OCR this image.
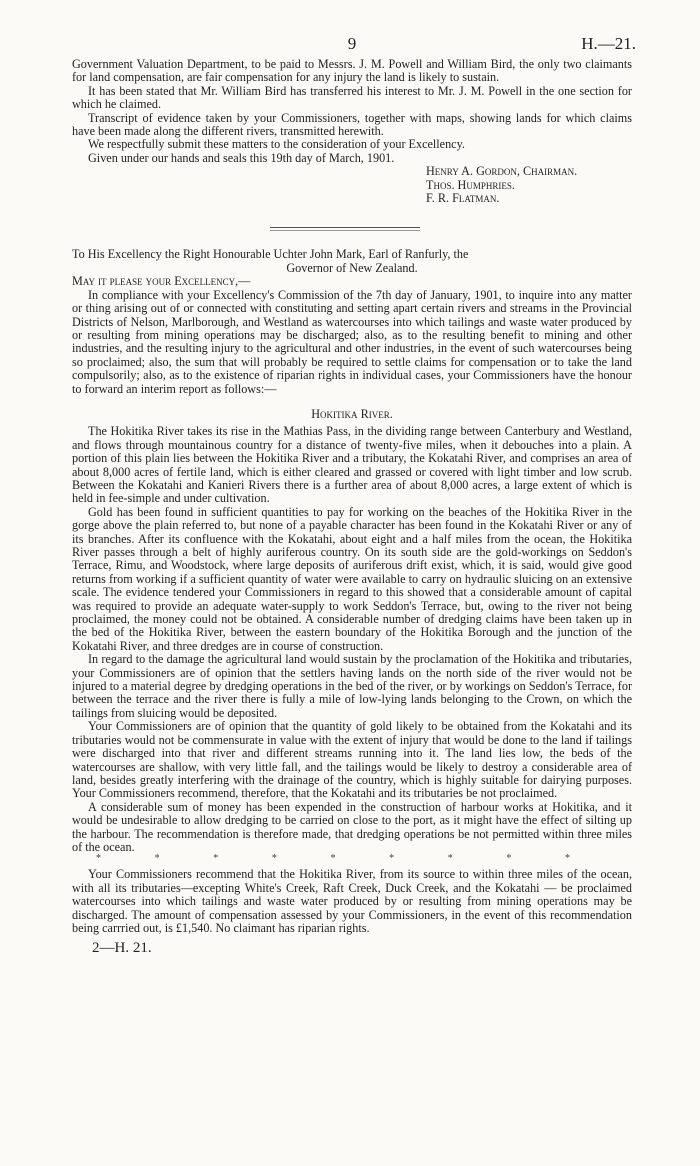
9	H.—21.

Government Valuation Department, to be paid to Messrs. J. M. Powell and William Bird, the only two claimants for land compensation, are fair compensation for any injury the land is likely to sustain.

It has been stated that Mr. William Bird has transferred his interest to Mr. J. M. Powell in the one section for which he claimed.

Transcript of evidence taken by your Commissioners, together with maps, showing lands for which claims have been made along the different rivers, transmitted herewith.

We respectfully submit these matters to the consideration of your Excellency.

Given under our hands and seals this 19th day of March, 1901.

Henry A. Gordon, Chairman.

Thos. Humphries.

F. R. Flatman.

To His Excellency the Right Honourable Uchter John Mark, Earl of Ranfurly, the
Governor of New Zealand.

May it please your Excellency,—

In compliance with your Excellency's Commission of the 7th day of January, 1901, to inquire into any matter or thing arising out of or connected with constituting and setting apart certain rivers and streams in the Provincial Districts of Nelson, Marlborough, and Westland as watercourses into which tailings and waste water produced by or resulting from mining operations may be discharged; also, as to the resulting benefit to mining and other industries, and the resulting injury to the agricultural and other industries, in the event of such watercourses being so proclaimed; also, the sum that will probably be required to settle claims for compensation or to take the land compulsorily; also, as to the existence of riparian rights in individual cases, your Commissioners have the honour to forward an interim report as follows:—

Hokitika River.

The Hokitika River takes its rise in the Mathias Pass, in the dividing range between Canterbury and Westland, and flows through mountainous country for a distance of twenty-five miles, when it debouches into a plain. A portion of this plain lies between the Hokitika River and a tributary, the Kokatahi River, and comprises an area of about 8,000 acres of fertile land, which is either cleared and grassed or covered with light timber and low scrub. Between the Kokatahi and Kanieri Rivers there is a further area of about 8,000 acres, a large extent of which is held in fee-simple and under cultivation.

Gold has been found in sufficient quantities to pay for working on the beaches of the Hokitika River in the gorge above the plain referred to, but none of a payable character has been found in the Kokatahi River or any of its branches. After its confluence with the Kokatahi, about eight and a half miles from the ocean, the Hokitika River passes through a belt of highly auriferous country. On its south side are the gold-workings on Seddon's Terrace, Rimu, and Woodstock, where large deposits of auriferous drift exist, which, it is said, would give good returns from working if a sufficient quantity of water were available to carry on hydraulic sluicing on an extensive scale. The evidence tendered your Commissioners in regard to this showed that a considerable amount of capital was required to provide an adequate water-supply to work Seddon's Terrace, but, owing to the river not being proclaimed, the money could not be obtained. A considerable number of dredging claims have been taken up in the bed of the Hokitika River, between the eastern boundary of the Hokitika Borough and the junction of the Kokatahi River, and three dredges are in course of construction.

In regard to the damage the agricultural land would sustain by the proclamation of the Hokitika and tributaries, your Commissioners are of opinion that the settlers having lands on the north side of the river would not be injured to a material degree by dredging operations in the bed of the river, or by workings on Seddon's Terrace, for between the terrace and the river there is fully a mile of low-lying lands belonging to the Crown, on which the tailings from sluicing would be deposited.

Your Commissioners are of opinion that the quantity of gold likely to be obtained from the Kokatahi and its tributaries would not be commensurate in value with the extent of injury that would be done to the land if tailings were discharged into that river and different streams running into it. The land lies low, the beds of the watercourses are shallow, with very little fall, and the tailings would be likely to destroy a considerable area of land, besides greatly interfering with the drainage of the country, which is highly suitable for dairying purposes. Your Commissioners recommend, therefore, that the Kokatahi and its tributaries be not proclaimed.

A considerable sum of money has been expended in the construction of harbour works at Hokitika, and it would be undesirable to allow dredging to be carried on close to the port, as it might have the effect of silting up the harbour. The recommendation is therefore made, that dredging operations be not permitted within three miles of the ocean.

*	*	*	*	*	*	*	*	*

Your Commissioners recommend that the Hokitika River, from its source to within three miles of the ocean, with all its tributaries—excepting White's Creek, Raft Creek, Duck Creek, and the Kokatahi — be proclaimed watercourses into which tailings and waste water produced by or resulting from mining operations may be discharged. The amount of compensation assessed by your Commissioners, in the event of this recommendation being carrried out, is £1,540. No claimant has riparian rights.

2—H. 21.
